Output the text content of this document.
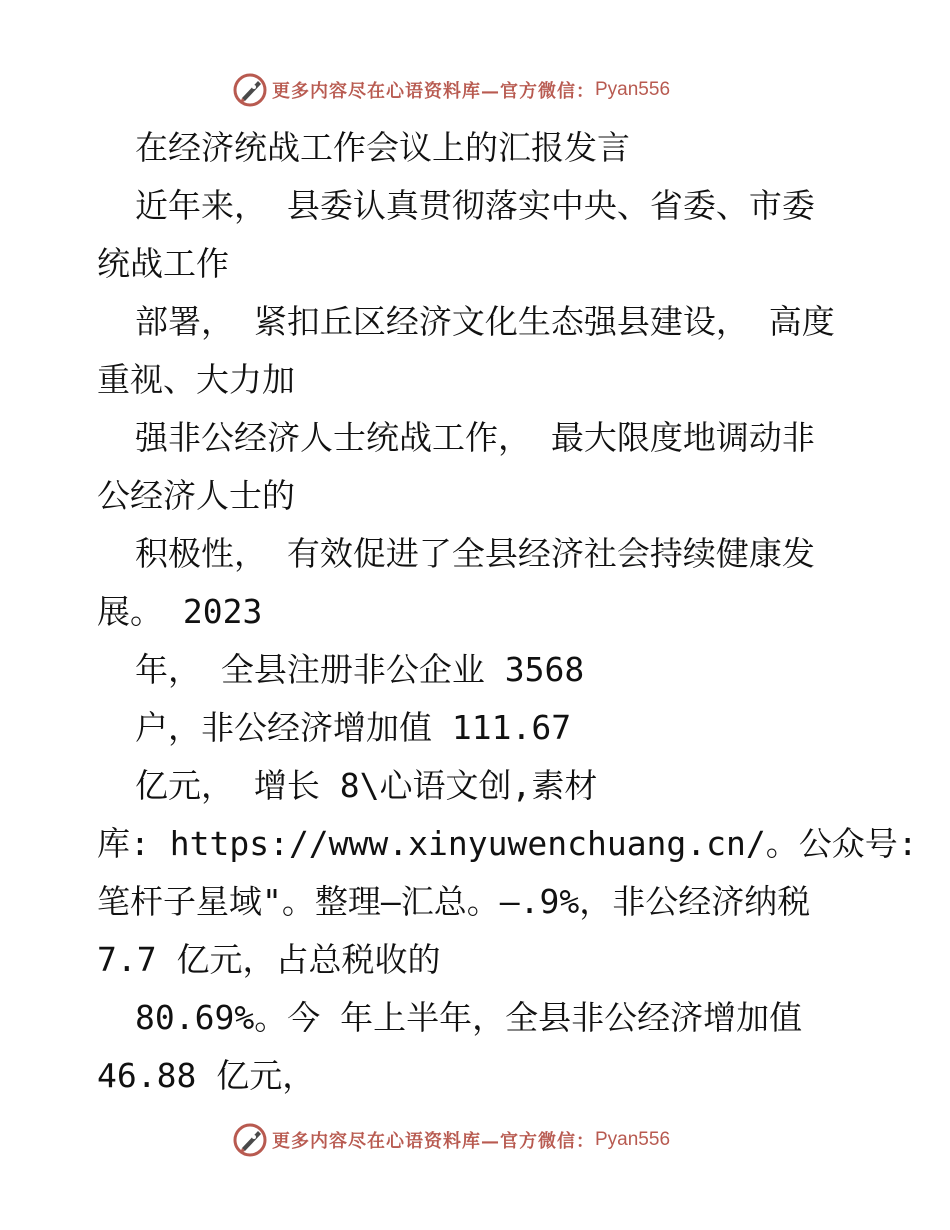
更多内容尽在心语资料库—官方微信： Pyan556
在经济统战工作会议上的汇报发言
近年来， 县委认真贯彻落实中央、省委、市委
统战工作
部署， 紧扣丘区经济文化生态强县建设， 高度
重视、大力加
强非公经济人士统战工作， 最大限度地调动非
公经济人士的
积极性， 有效促进了全县经济社会持续健康发
展。 2023
年， 全县注册非公企业 3568
户，非公经济增加值 111.67
亿元， 增长 8\心语文创,素材
库: https://www.xinyuwenchuang.cn/。公众号:
笔杆子星域"。整理—汇总。—.9%，非公经济纳税
7.7 亿元，占总税收的
80.69%。今 年上半年，全县非公经济增加值
46.88 亿元，
更多内容尽在心语资料库—官方微信： Pyan556
